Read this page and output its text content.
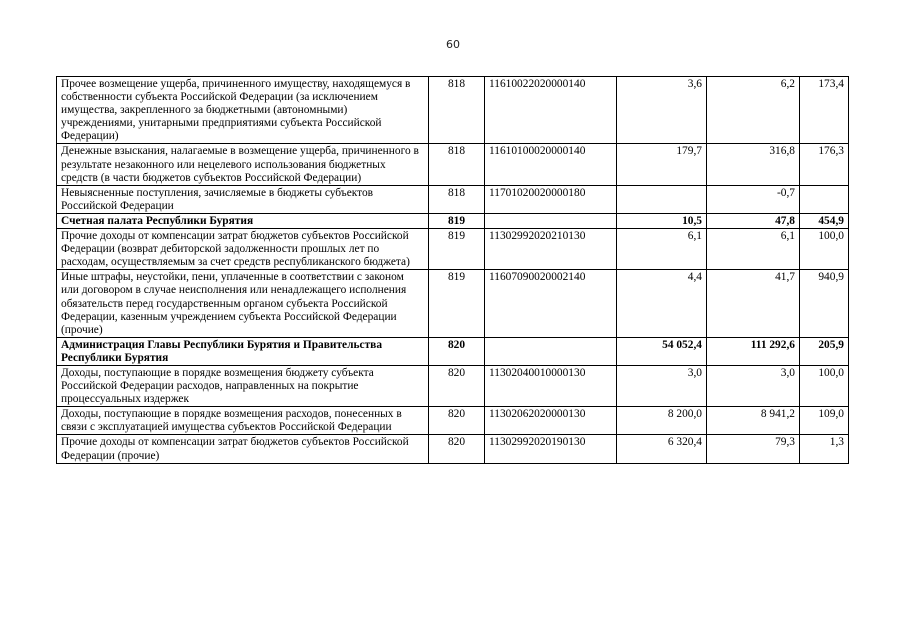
60
Прочее возмещение ущерба, причиненного имуществу, находящемуся в собственности субъекта Российской Федерации (за исключением имущества, закрепленного за бюджетными (автономными) учреждениями, унитарными предприятиями субъекта Российской Федерации)	818	11610022020000140	3,6	6,2	173,4
Денежные взыскания, налагаемые в возмещение ущерба, причиненного в результате незаконного или нецелевого использования бюджетных средств (в части бюджетов субъектов Российской Федерации)	818	11610100020000140	179,7	316,8	176,3
Невыясненные поступления, зачисляемые в бюджеты субъектов Российской Федерации	818	11701020020000180		-0,7	
Счетная палата Республики Бурятия	819		10,5	47,8	454,9
Прочие доходы от компенсации затрат бюджетов субъектов Российской Федерации (возврат дебиторской задолженности прошлых лет по расходам, осуществляемым за счет средств республиканского бюджета)	819	11302992020210130	6,1	6,1	100,0
Иные штрафы, неустойки, пени, уплаченные в соответствии с законом или договором в случае неисполнения или ненадлежащего исполнения обязательств перед государственным органом субъекта Российской Федерации, казенным учреждением субъекта Российской Федерации (прочие)	819	11607090020002140	4,4	41,7	940,9
Администрация Главы Республики Бурятия и Правительства Республики Бурятия	820		54 052,4	111 292,6	205,9
Доходы, поступающие в порядке возмещения бюджету субъекта Российской Федерации расходов, направленных на покрытие процессуальных издержек	820	11302040010000130	3,0	3,0	100,0
Доходы, поступающие в порядке возмещения расходов, понесенных в связи с эксплуатацией имущества субъектов Российской Федерации	820	11302062020000130	8 200,0	8 941,2	109,0
Прочие доходы от компенсации затрат бюджетов субъектов Российской Федерации (прочие)	820	11302992020190130	6 320,4	79,3	1,3
